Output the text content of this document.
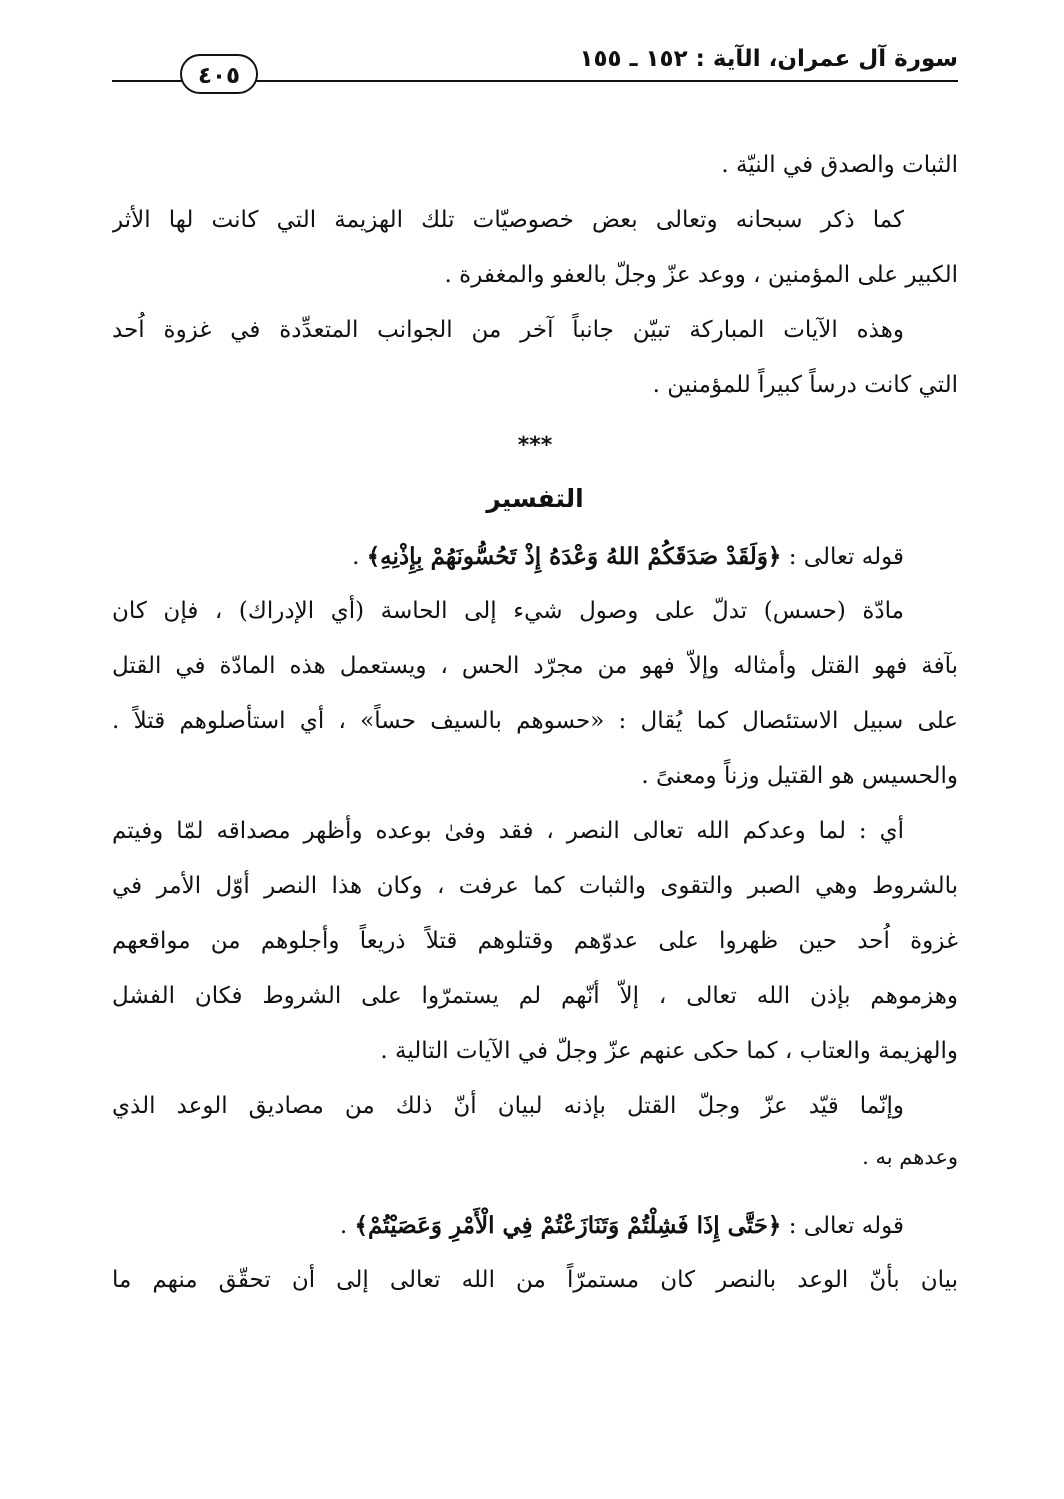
سورة آل عمران، الآية : ١٥٢ ـ ١٥٥
٤٠٥
الثبات والصدق في النيّة .
كما ذكر سبحانه وتعالى بعض خصوصيّات تلك الهزيمة التي كانت لها الأثر
الكبير على المؤمنين ، ووعد عزّ وجلّ بالعفو والمغفرة .
وهذه الآيات المباركة تبيّن جانباً آخر من الجوانب المتعدِّدة في غزوة اُحد
التي كانت درساً كبيراً للمؤمنين .
***
التفسير
قوله تعالى : ﴿وَلَقَدْ صَدَقَكُمْ اللهُ وَعْدَهُ إِذْ تَحُسُّونَهُمْ بِإِذْنِهِ﴾ .
مادّة (حسس) تدلّ على وصول شيء إلى الحاسة (أي الإدراك) ، فإن كان
بآفة فهو القتل وأمثاله وإلاّ فهو من مجرّد الحس ، ويستعمل هذه المادّة في القتل
على سبيل الاستئصال كما يُقال : «حسوهم بالسيف حساً» ، أي استأصلوهم قتلاً .
والحسيس هو القتيل وزناً ومعنىً .
أي : لما وعدكم الله تعالى النصر ، فقد وفىٰ بوعده وأظهر مصداقه لمّا وفيتم
بالشروط وهي الصبر والتقوى والثبات كما عرفت ، وكان هذا النصر أوّل الأمر في
غزوة اُحد حين ظهروا على عدوّهم وقتلوهم قتلاً ذريعاً وأجلوهم من مواقعهم
وهزموهم بإذن الله تعالى ، إلاّ أنّهم لم يستمرّوا على الشروط فكان الفشل
والهزيمة والعتاب ، كما حكى عنهم عزّ وجلّ في الآيات التالية .
وإنّما قيّد عزّ وجلّ القتل بإذنه لبيان أنّ ذلك من مصاديق الوعد الذي
وعدهم به .
قوله تعالى : ﴿حَتَّى إِذَا فَشِلْتُمْ وَتَنَازَعْتُمْ فِي الْأَمْرِ وَعَصَيْتُمْ﴾ .
بيان بأنّ الوعد بالنصر كان مستمرّاً من الله تعالى إلى أن تحقّق منهم ما
